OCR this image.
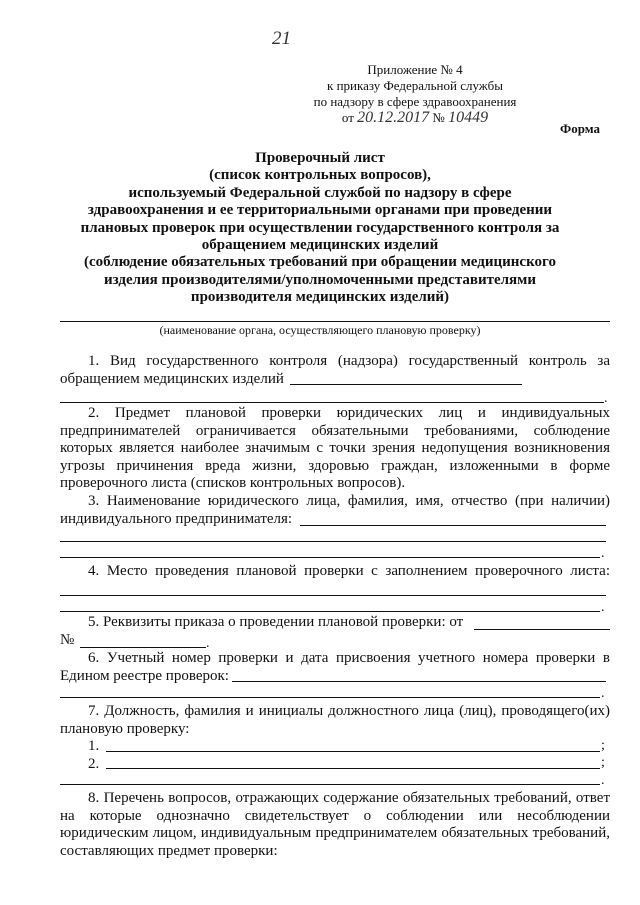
21
Приложение № 4
к приказу Федеральной службы
по надзору в сфере здравоохранения
от 20.12.2017 № 10449
Форма
Проверочный лист
(список контрольных вопросов),
используемый Федеральной службой по надзору в сфере
здравоохранения и ее территориальными органами при проведении
плановых проверок при осуществлении государственного контроля за
обращением медицинских изделий
(соблюдение обязательных требований при обращении медицинского
изделия производителями/уполномоченными представителями
производителя медицинских изделий)
(наименование органа, осуществляющего плановую проверку)
1. Вид государственного контроля (надзора) государственный контроль за
обращением медицинских изделий
.
2. Предмет плановой проверки юридических лиц и индивидуальных
предпринимателей ограничивается обязательными требованиями, соблюдение
которых является наиболее значимым с точки зрения недопущения возникновения
угрозы причинения вреда жизни, здоровью граждан, изложенными в форме
проверочного листа (списков контрольных вопросов).
3. Наименование юридического лица, фамилия, имя, отчество (при наличии)
индивидуального предпринимателя:
.
4. Место проведения плановой проверки с заполнением проверочного листа:
.
5. Реквизиты приказа о проведении плановой проверки: от
№	.
6. Учетный номер проверки и дата присвоения учетного номера проверки в
Едином реестре проверок:
.
7. Должность, фамилия и инициалы должностного лица (лиц), проводящего(их)
плановую проверку:
1.
2.
;
;
.
8. Перечень вопросов, отражающих содержание обязательных требований, ответ
на которые однозначно свидетельствует о соблюдении или несоблюдении
юридическим лицом, индивидуальным предпринимателем обязательных требований,
составляющих предмет проверки:
